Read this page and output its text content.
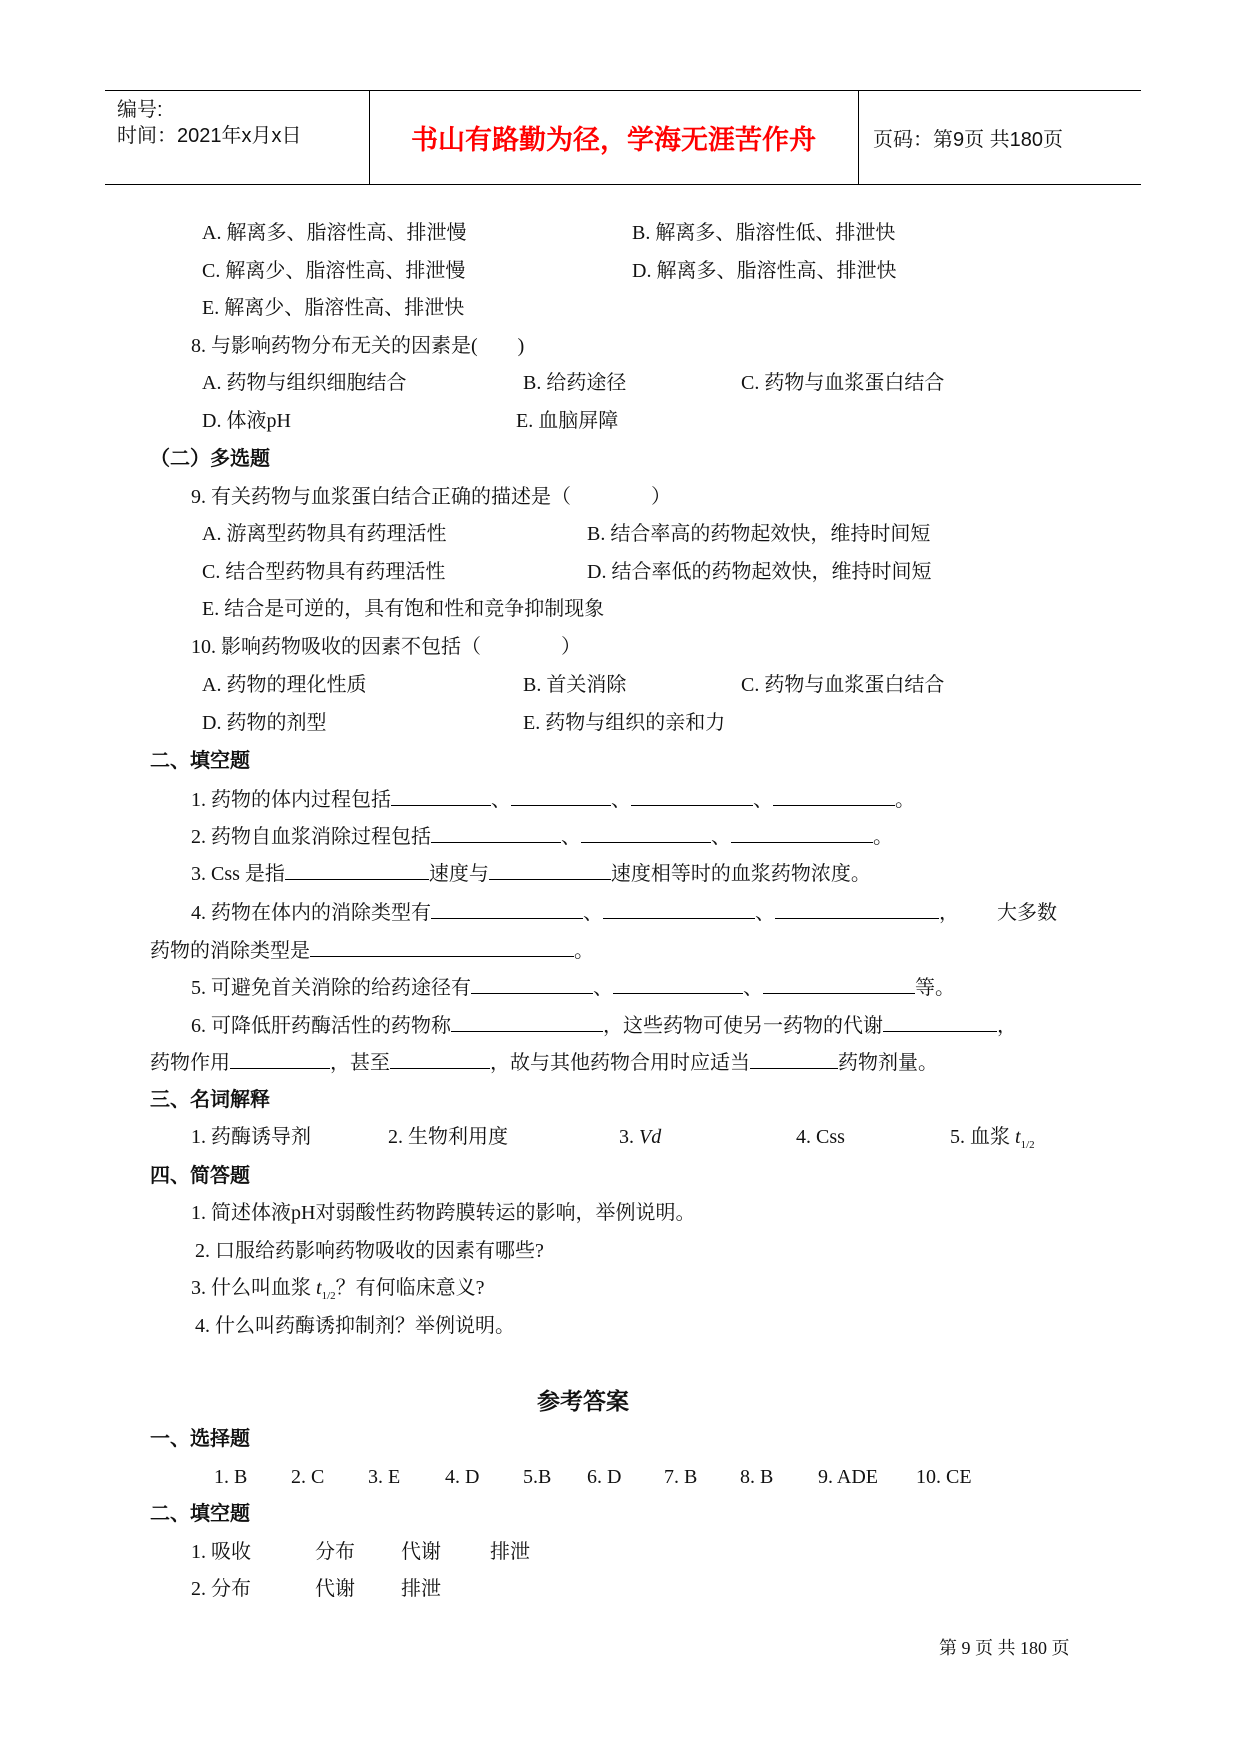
编号:
时间：2021年x月x日	书山有路勤为径，学海无涯苦作舟	页码：第9页 共180页
A. 解离多、脂溶性高、排泄慢	B. 解离多、脂溶性低、排泄快
C. 解离少、脂溶性高、排泄慢	D. 解离多、脂溶性高、排泄快
E. 解离少、脂溶性高、排泄快
8. 与影响药物分布无关的因素是(　　)
A. 药物与组织细胞结合	B. 给药途径	C. 药物与血浆蛋白结合
D. 体液pH	E. 血脑屏障
（二）多选题
9. 有关药物与血浆蛋白结合正确的描述是（　　　　）
A. 游离型药物具有药理活性	B. 结合率高的药物起效快，维持时间短
C. 结合型药物具有药理活性	D. 结合率低的药物起效快，维持时间短
E. 结合是可逆的，具有饱和性和竞争抑制现象
10. 影响药物吸收的因素不包括（　　　　）
A. 药物的理化性质	B. 首关消除	C. 药物与血浆蛋白结合
D. 药物的剂型	E. 药物与组织的亲和力
二、填空题
1. 药物的体内过程包括	、	、	、	。
2. 药物自血浆消除过程包括	、	、	。
3. Css 是指	速度与	速度相等时的血浆药物浓度。
4. 药物在体内的消除类型有	、	、	， 大多数
药物的消除类型是	。
5. 可避免首关消除的给药途径有	、	、	等。
6. 可降低肝药酶活性的药物称	，这些药物可使另一药物的代谢	，
药物作用	，甚至	，故与其他药物合用时应适当	药物剂量。
三、名词解释
1. 药酶诱导剂	2. 生物利用度	3. Vd	4. Css	5. 血浆 $t_{1/2}$
四、简答题
1. 简述体液pH对弱酸性药物跨膜转运的影响，举例说明。
2. 口服给药影响药物吸收的因素有哪些?
3. 什么叫血浆 $t_{1/2}$？有何临床意义?
4. 什么叫药酶诱抑制剂？举例说明。
参考答案
一、选择题
1. B 2. C 3. E 4. D 5.B 6. D 7. B 8. B 9. ADE 10. CE
二、填空题
1. 吸收	分布 代谢 排泄
2. 分布	代谢 排泄
第 9 页 共 180 页
